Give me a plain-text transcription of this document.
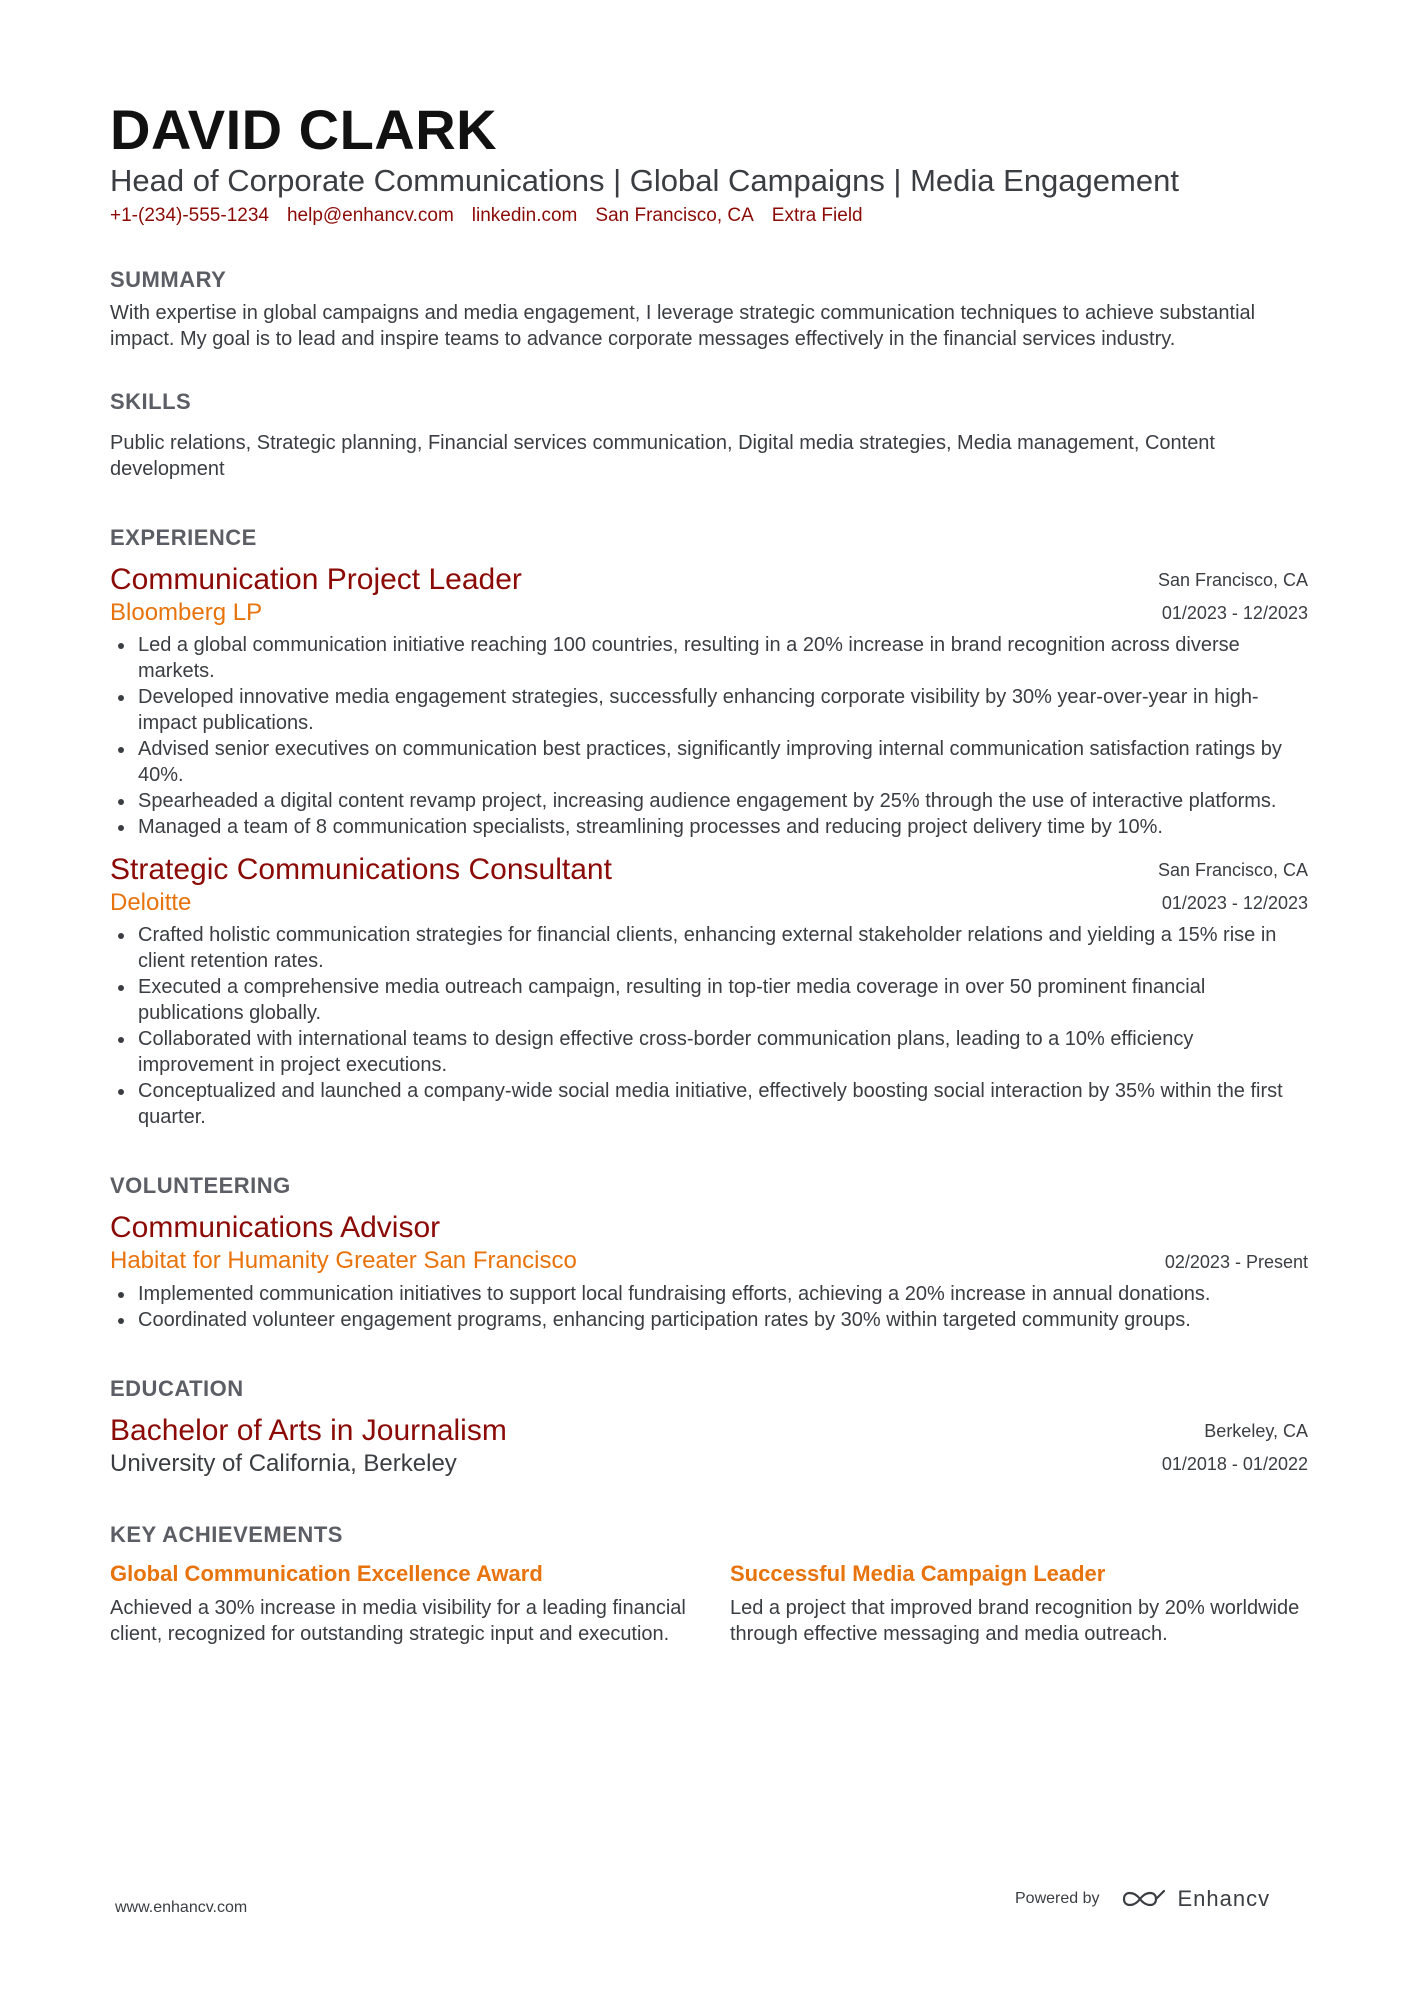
DAVID CLARK
Head of Corporate Communications | Global Campaigns | Media Engagement
+1-(234)-555-1234 help@enhancv.com linkedin.com San Francisco, CA Extra Field
SUMMARY
With expertise in global campaigns and media engagement, I leverage strategic communication techniques to achieve substantial impact. My goal is to lead and inspire teams to advance corporate messages effectively in the financial services industry.
SKILLS
Public relations, Strategic planning, Financial services communication, Digital media strategies, Media management, Content development
EXPERIENCE
Communication Project Leader
Bloomberg LP
San Francisco, CA
01/2023 - 12/2023
Led a global communication initiative reaching 100 countries, resulting in a 20% increase in brand recognition across diverse markets.
Developed innovative media engagement strategies, successfully enhancing corporate visibility by 30% year-over-year in high-impact publications.
Advised senior executives on communication best practices, significantly improving internal communication satisfaction ratings by 40%.
Spearheaded a digital content revamp project, increasing audience engagement by 25% through the use of interactive platforms.
Managed a team of 8 communication specialists, streamlining processes and reducing project delivery time by 10%.
Strategic Communications Consultant
Deloitte
San Francisco, CA
01/2023 - 12/2023
Crafted holistic communication strategies for financial clients, enhancing external stakeholder relations and yielding a 15% rise in client retention rates.
Executed a comprehensive media outreach campaign, resulting in top-tier media coverage in over 50 prominent financial publications globally.
Collaborated with international teams to design effective cross-border communication plans, leading to a 10% efficiency improvement in project executions.
Conceptualized and launched a company-wide social media initiative, effectively boosting social interaction by 35% within the first quarter.
VOLUNTEERING
Communications Advisor
Habitat for Humanity Greater San Francisco	02/2023 - Present
Implemented communication initiatives to support local fundraising efforts, achieving a 20% increase in annual donations.
Coordinated volunteer engagement programs, enhancing participation rates by 30% within targeted community groups.
EDUCATION
Bachelor of Arts in Journalism
University of California, Berkeley
Berkeley, CA
01/2018 - 01/2022
KEY ACHIEVEMENTS
Global Communication Excellence Award
Achieved a 30% increase in media visibility for a leading financial client, recognized for outstanding strategic input and execution.
Successful Media Campaign Leader
Led a project that improved brand recognition by 20% worldwide through effective messaging and media outreach.
www.enhancv.com
Powered by	Enhancv
